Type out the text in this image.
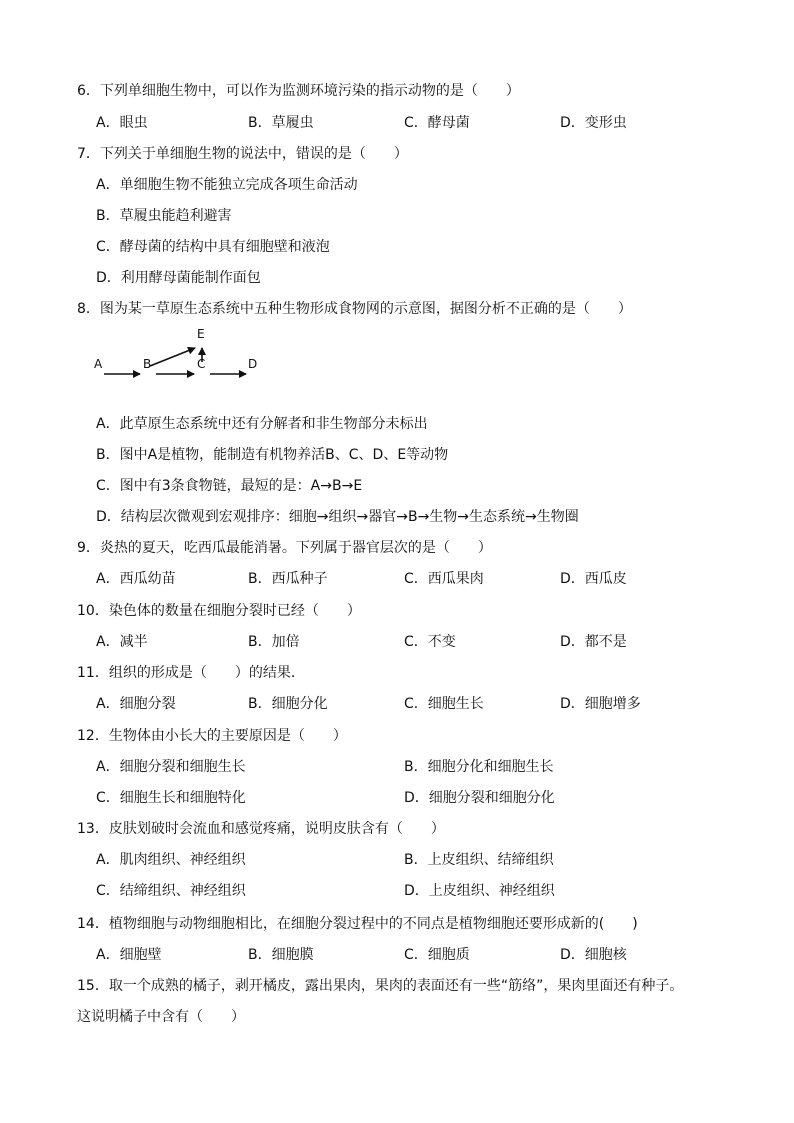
6．下列单细胞生物中，可以作为监测环境污染的指示动物的是（　　）
A．眼虫	B．草履虫	C．酵母菌	D．变形虫
7．下列关于单细胞生物的说法中，错误的是（　　）
A．单细胞生物不能独立完成各项生命活动
B．草履虫能趋利避害
C．酵母菌的结构中具有细胞壁和液泡
D．利用酵母菌能制作面包
8．图为某一草原生态系统中五种生物形成食物网的示意图，据图分析不正确的是（　　）
A	B	C	D
E
A．此草原生态系统中还有分解者和非生物部分未标出
B．图中A是植物，能制造有机物养活B、C、D、E等动物
C．图中有3条食物链，最短的是：A→B→E
D．结构层次微观到宏观排序：细胞→组织→器官→B→生物→生态系统→生物圈
9．炎热的夏天，吃西瓜最能消暑。下列属于器官层次的是（　　）
A．西瓜幼苗	B．西瓜种子	C．西瓜果肉	D．西瓜皮
10．染色体的数量在细胞分裂时已经（　　）
A．减半	B．加倍	C．不变	D．都不是
11．组织的形成是（　　）的结果．
A．细胞分裂	B．细胞分化	C．细胞生长	D．细胞增多
12．生物体由小长大的主要原因是（　　）
A．细胞分裂和细胞生长	B．细胞分化和细胞生长
C．细胞生长和细胞特化	D．细胞分裂和细胞分化
13．皮肤划破时会流血和感觉疼痛，说明皮肤含有（　　）
A．肌肉组织、神经组织	B．上皮组织、结缔组织
C．结缔组织、神经组织	D．上皮组织、神经组织
14．植物细胞与动物细胞相比，在细胞分裂过程中的不同点是植物细胞还要形成新的(　　)
A．细胞壁	B．细胞膜	C．细胞质	D．细胞核
15．取一个成熟的橘子，剥开橘皮，露出果肉，果肉的表面还有一些“筋络”，果肉里面还有种子。
这说明橘子中含有（　　）
